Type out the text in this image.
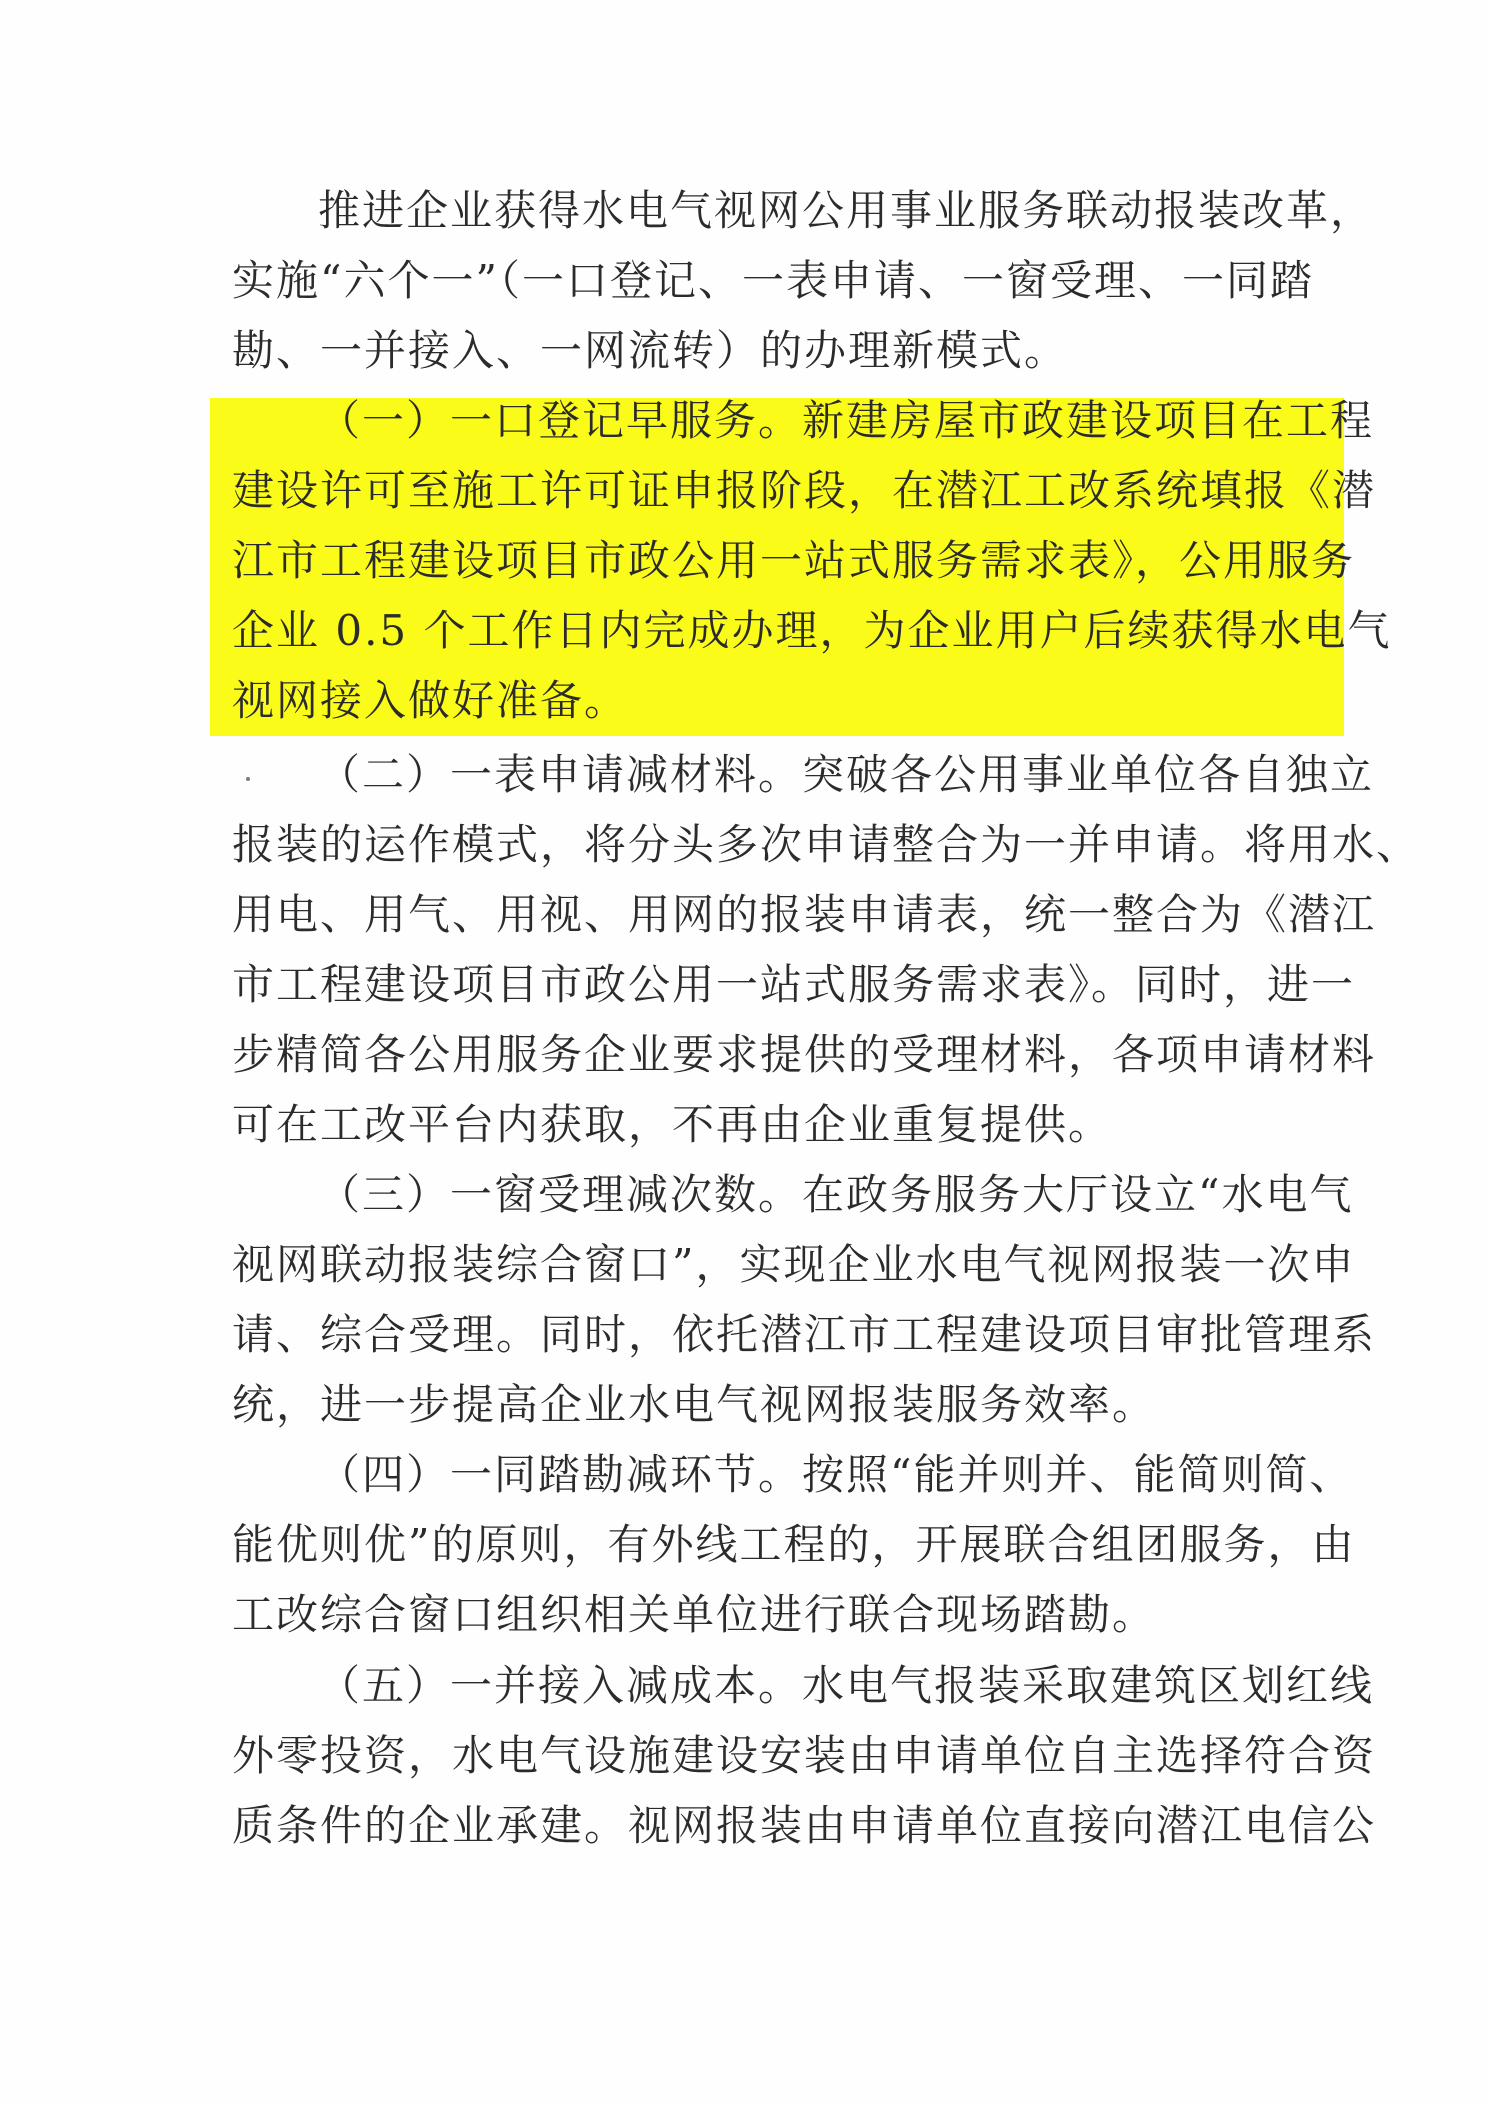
推进企业获得水电气视网公用事业服务联动报装改革，
实施“六个一”（一口登记、一表申请、一窗受理、一同踏
勘、一并接入、一网流转）的办理新模式。
（一）一口登记早服务。新建房屋市政建设项目在工程
建设许可至施工许可证申报阶段，在潜江工改系统填报《潜
江市工程建设项目市政公用一站式服务需求表》，公用服务
企业 0.5 个工作日内完成办理，为企业用户后续获得水电气
视网接入做好准备。
（二）一表申请减材料。突破各公用事业单位各自独立
报装的运作模式，将分头多次申请整合为一并申请。将用水、
用电、用气、用视、用网的报装申请表，统一整合为《潜江
市工程建设项目市政公用一站式服务需求表》。同时，进一
步精简各公用服务企业要求提供的受理材料，各项申请材料
可在工改平台内获取，不再由企业重复提供。
（三）一窗受理减次数。在政务服务大厅设立“水电气
视网联动报装综合窗口”，实现企业水电气视网报装一次申
请、综合受理。同时，依托潜江市工程建设项目审批管理系
统，进一步提高企业水电气视网报装服务效率。
（四）一同踏勘减环节。按照“能并则并、能简则简、
能优则优”的原则，有外线工程的，开展联合组团服务，由
工改综合窗口组织相关单位进行联合现场踏勘。
（五）一并接入减成本。水电气报装采取建筑区划红线
外零投资，水电气设施建设安装由申请单位自主选择符合资
质条件的企业承建。视网报装由申请单位直接向潜江电信公
